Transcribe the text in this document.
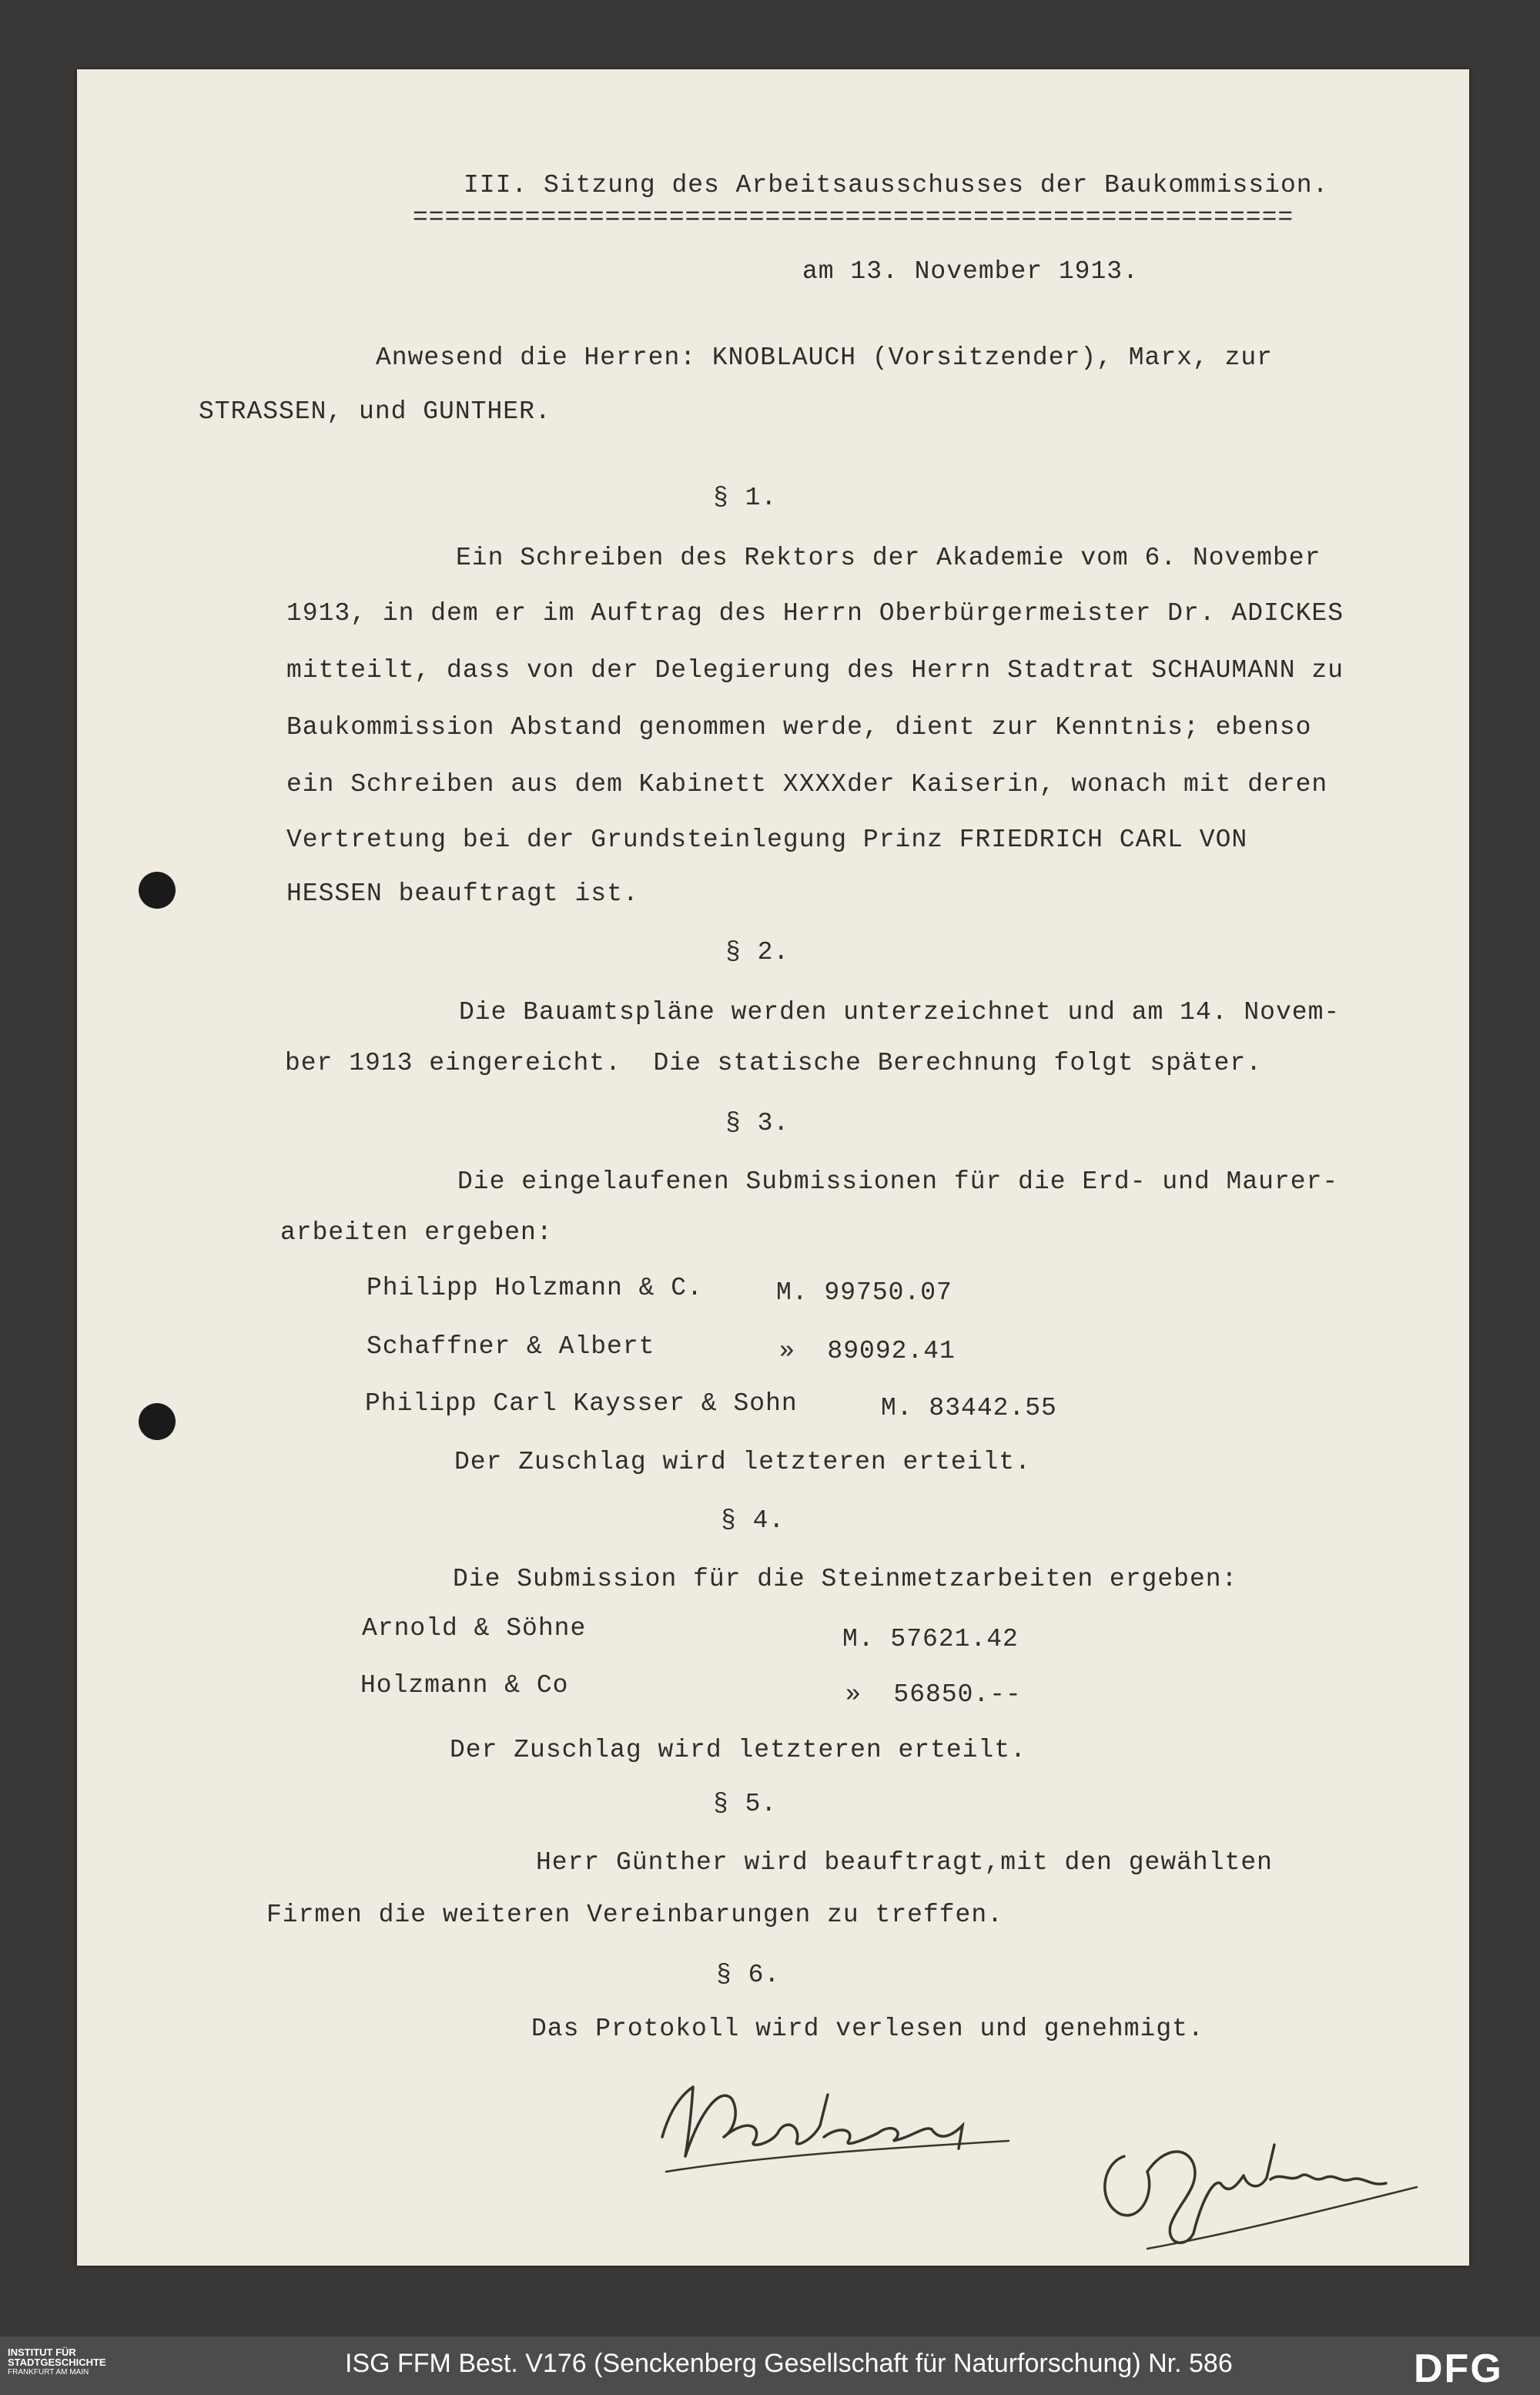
III. Sitzung des Arbeitsausschusses der Baukommission.
=======================================================
am 13. November 1913.
Anwesend die Herren: KNOBLAUCH (Vorsitzender), Marx, zur
STRASSEN, und GUNTHER.
§ 1.
Ein Schreiben des Rektors der Akademie vom 6. November
1913, in dem er im Auftrag des Herrn Oberbürgermeister Dr. ADICKES
mitteilt, dass von der Delegierung des Herrn Stadtrat SCHAUMANN zu
Baukommission Abstand genommen werde, dient zur Kenntnis; ebenso
ein Schreiben aus dem Kabinett XXXXder Kaiserin, wonach mit deren
Vertretung bei der Grundsteinlegung Prinz FRIEDRICH CARL VON
HESSEN beauftragt ist.
§ 2.
Die Bauamtspläne werden unterzeichnet und am 14. Novem-
ber 1913 eingereicht.  Die statische Berechnung folgt später.
§ 3.
Die eingelaufenen Submissionen für die Erd- und Maurer-
arbeiten ergeben:
Philipp Holzmann & C.	M. 99750.07
Schaffner & Albert	»  89092.41
Philipp Carl Kaysser & Sohn	M. 83442.55
Der Zuschlag wird letzteren erteilt.
§ 4.
Die Submission für die Steinmetzarbeiten ergeben:
Arnold & Söhne	M. 57621.42
Holzmann & Co	»  56850.--
Der Zuschlag wird letzteren erteilt.
§ 5.
Herr Günther wird beauftragt,mit den gewählten
Firmen die weiteren Vereinbarungen zu treffen.
§ 6.
Das Protokoll wird verlesen und genehmigt.
INSTITUT FÜR
STADTGESCHICHTE
FRANKFURT AM MAIN	ISG FFM Best. V176 (Senckenberg Gesellschaft für Naturforschung) Nr. 586	DFG
